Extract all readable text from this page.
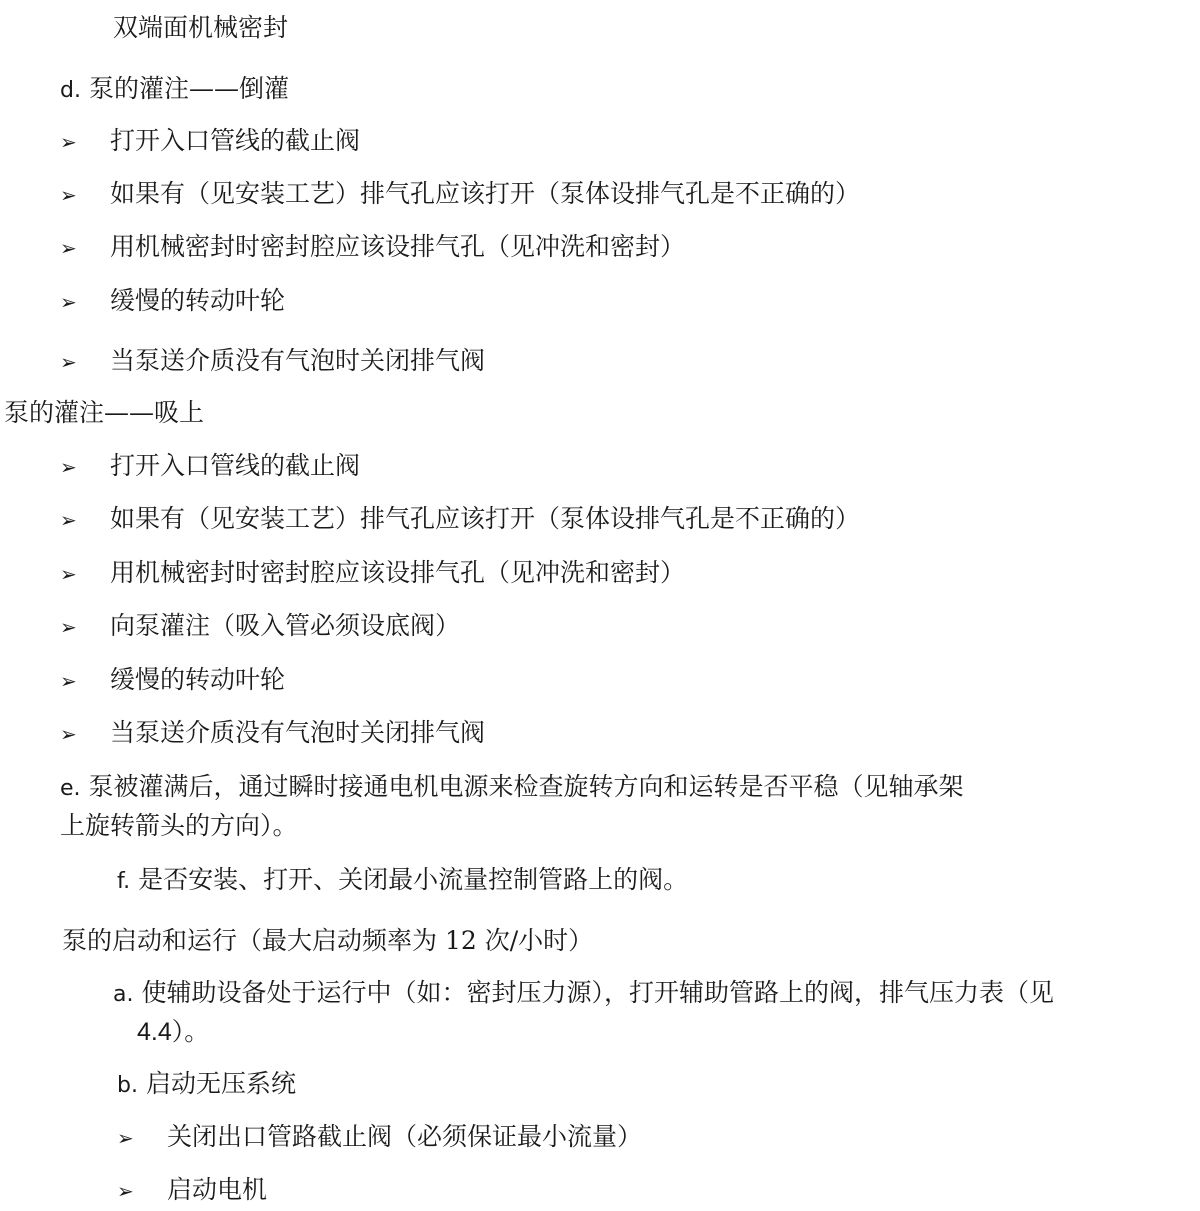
双端面机械密封
d. 泵的灌注——倒灌
➢ 打开入口管线的截止阀
➢ 如果有（见安装工艺）排气孔应该打开（泵体设排气孔是不正确的）
➢ 用机械密封时密封腔应该设排气孔（见冲洗和密封）
➢ 缓慢的转动叶轮
➢ 当泵送介质没有气泡时关闭排气阀
泵的灌注——吸上
➢ 打开入口管线的截止阀
➢ 如果有（见安装工艺）排气孔应该打开（泵体设排气孔是不正确的）
➢ 用机械密封时密封腔应该设排气孔（见冲洗和密封）
➢ 向泵灌注（吸入管必须设底阀）
➢ 缓慢的转动叶轮
➢ 当泵送介质没有气泡时关闭排气阀
e. 泵被灌满后，通过瞬时接通电机电源来检查旋转方向和运转是否平稳（见轴承架
上旋转箭头的方向）。
f. 是否安装、打开、关闭最小流量控制管路上的阀。
泵的启动和运行（最大启动频率为 12 次/小时）
a. 使辅助设备处于运行中（如：密封压力源），打开辅助管路上的阀，排气压力表（见
4.4）。
b. 启动无压系统
➢ 关闭出口管路截止阀（必须保证最小流量）
➢ 启动电机
